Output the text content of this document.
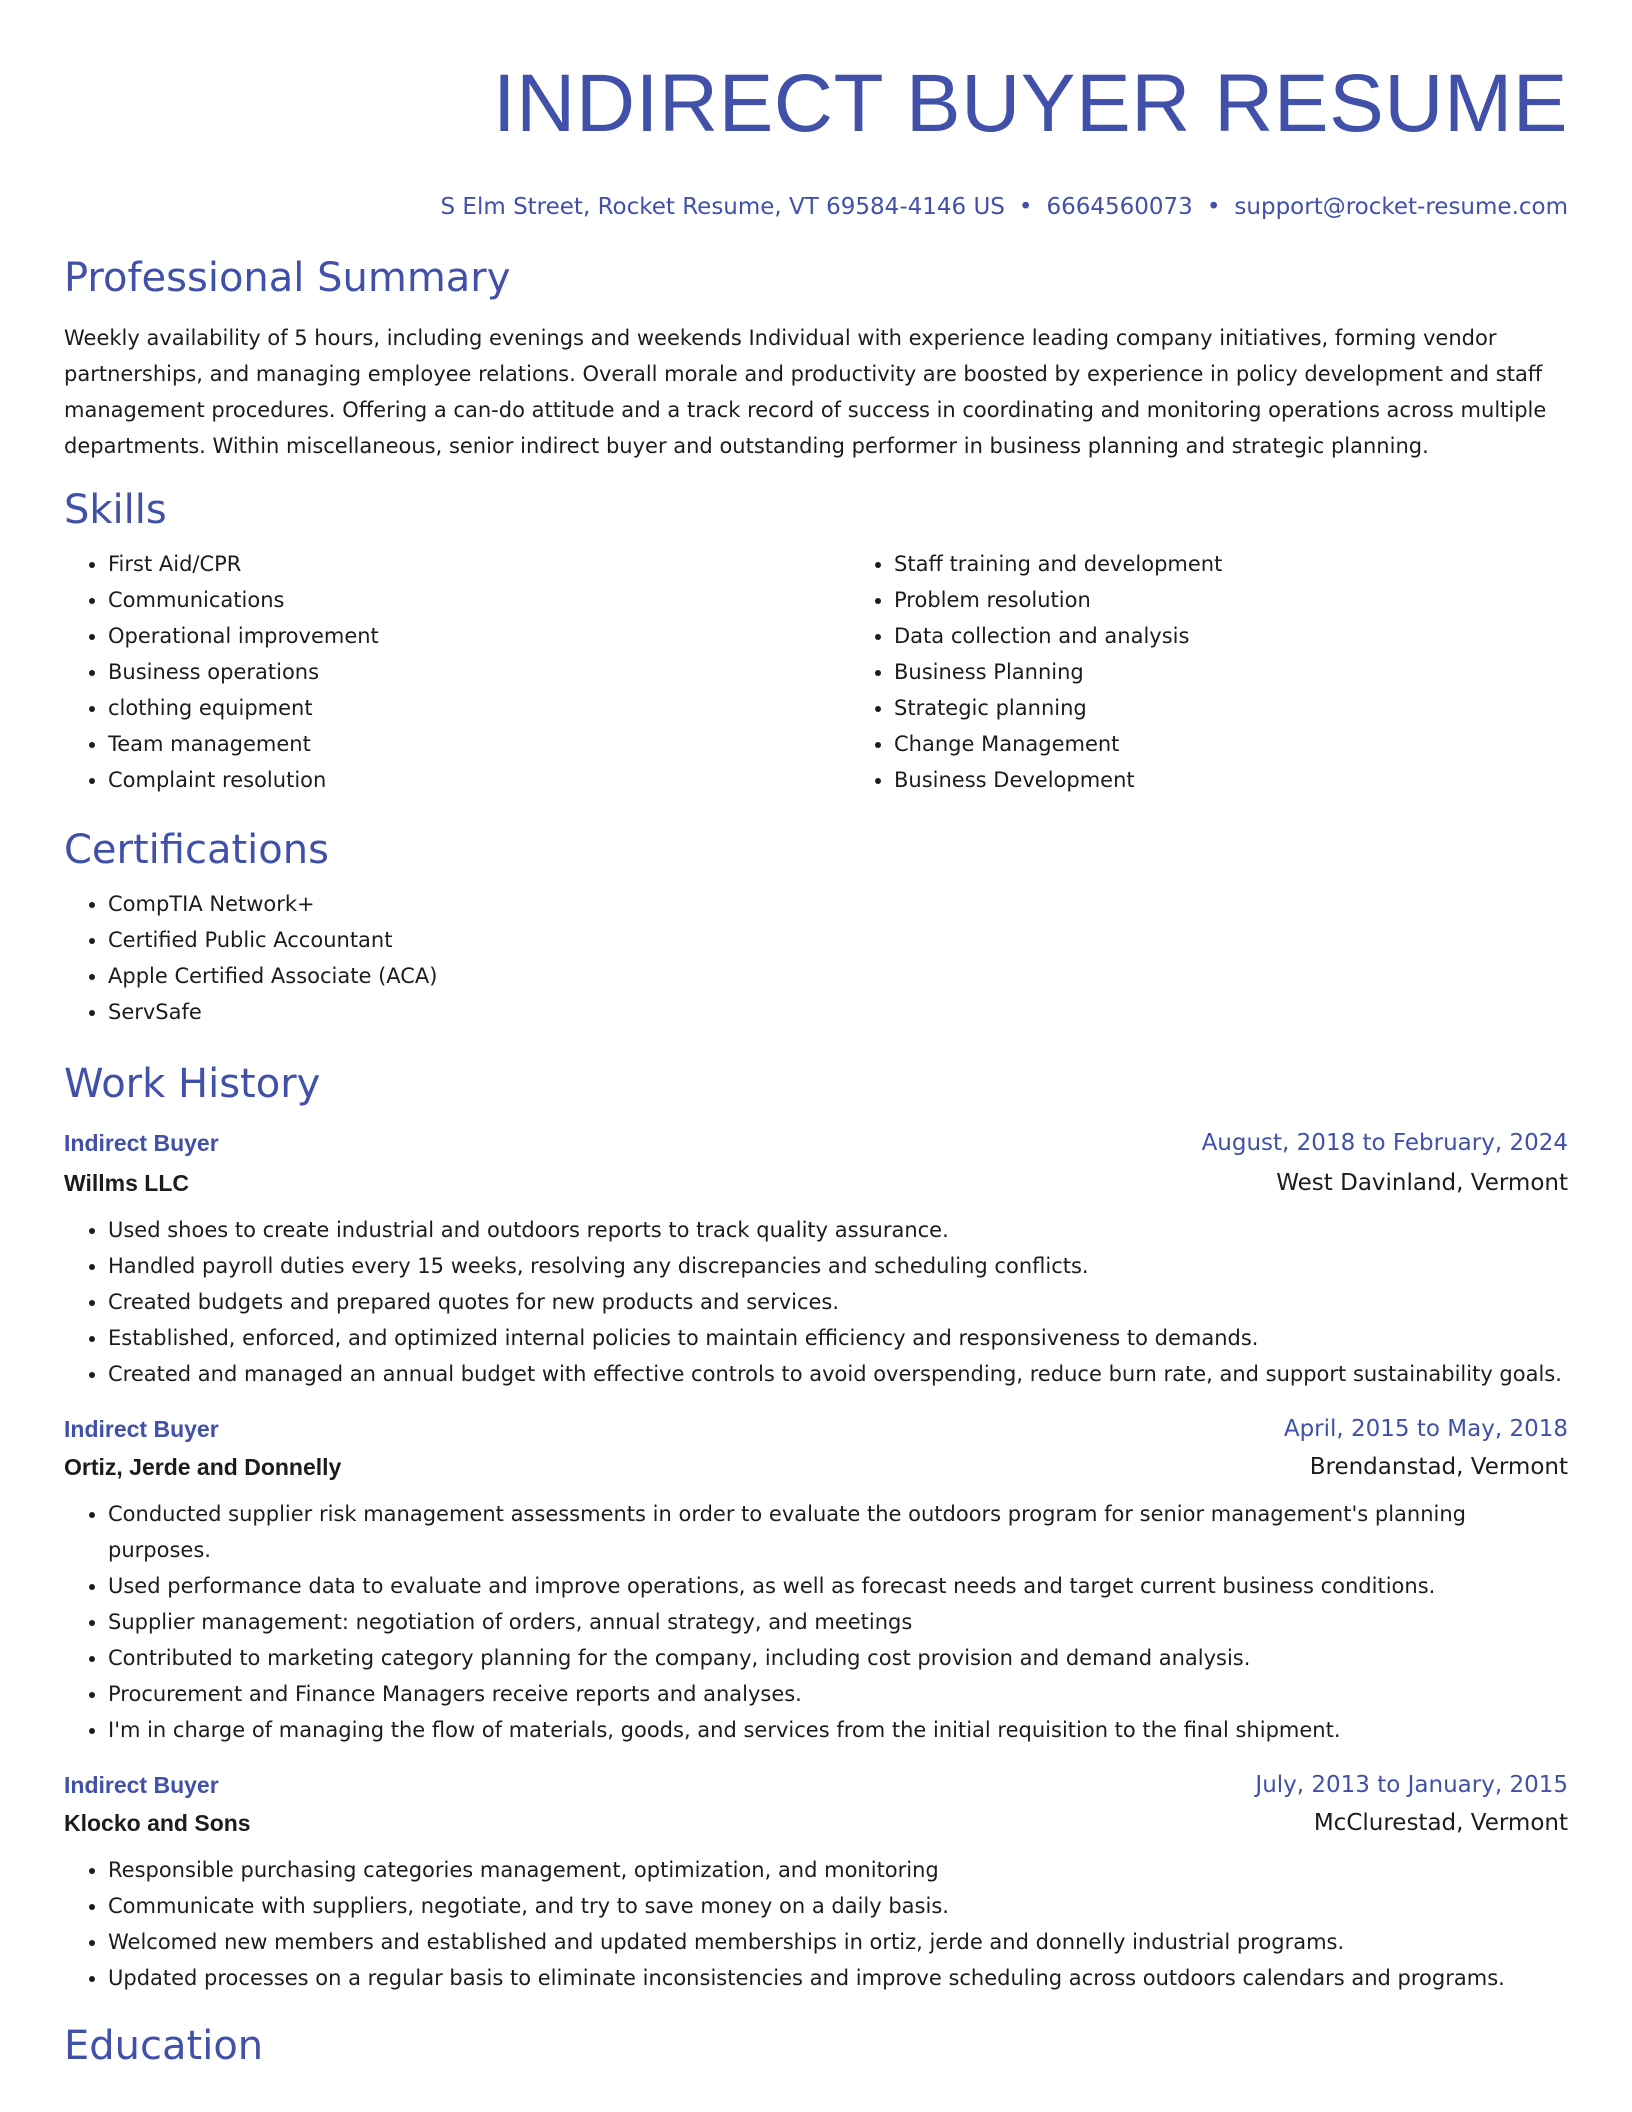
INDIRECT BUYER RESUME
S Elm Street, Rocket Resume, VT 69584-4146 US • 6664560073 • support@rocket-resume.com
Professional Summary

Weekly availability of 5 hours, including evenings and weekends Individual with experience leading company initiatives, forming vendor partnerships, and managing employee relations. Overall morale and productivity are boosted by experience in policy development and staff management procedures. Offering a can-do attitude and a track record of success in coordinating and monitoring operations across multiple departments. Within miscellaneous, senior indirect buyer and outstanding performer in business planning and strategic planning.

Skills
• First Aid/CPR
• Communications
• Operational improvement
• Business operations
• clothing equipment
• Team management
• Complaint resolution
• Staff training and development
• Problem resolution
• Data collection and analysis
• Business Planning
• Strategic planning
• Change Management
• Business Development
Certifications
• CompTIA Network+
• Certified Public Accountant
• Apple Certified Associate (ACA)
• ServSafe
Work History
Indirect Buyer	August, 2018 to February, 2024
Willms LLC	West Davinland, Vermont
• Used shoes to create industrial and outdoors reports to track quality assurance.
• Handled payroll duties every 15 weeks, resolving any discrepancies and scheduling conflicts.
• Created budgets and prepared quotes for new products and services.
• Established, enforced, and optimized internal policies to maintain efficiency and responsiveness to demands.
• Created and managed an annual budget with effective controls to avoid overspending, reduce burn rate, and support sustainability goals.
Indirect Buyer	April, 2015 to May, 2018
Ortiz, Jerde and Donnelly	Brendanstad, Vermont
• Conducted supplier risk management assessments in order to evaluate the outdoors program for senior management's planning purposes.
• Used performance data to evaluate and improve operations, as well as forecast needs and target current business conditions.
• Supplier management: negotiation of orders, annual strategy, and meetings
• Contributed to marketing category planning for the company, including cost provision and demand analysis.
• Procurement and Finance Managers receive reports and analyses.
• I'm in charge of managing the flow of materials, goods, and services from the initial requisition to the final shipment.
Indirect Buyer	July, 2013 to January, 2015
Klocko and Sons	McClurestad, Vermont
• Responsible purchasing categories management, optimization, and monitoring
• Communicate with suppliers, negotiate, and try to save money on a daily basis.
• Welcomed new members and established and updated memberships in ortiz, jerde and donnelly industrial programs.
• Updated processes on a regular basis to eliminate inconsistencies and improve scheduling across outdoors calendars and programs.
Education
